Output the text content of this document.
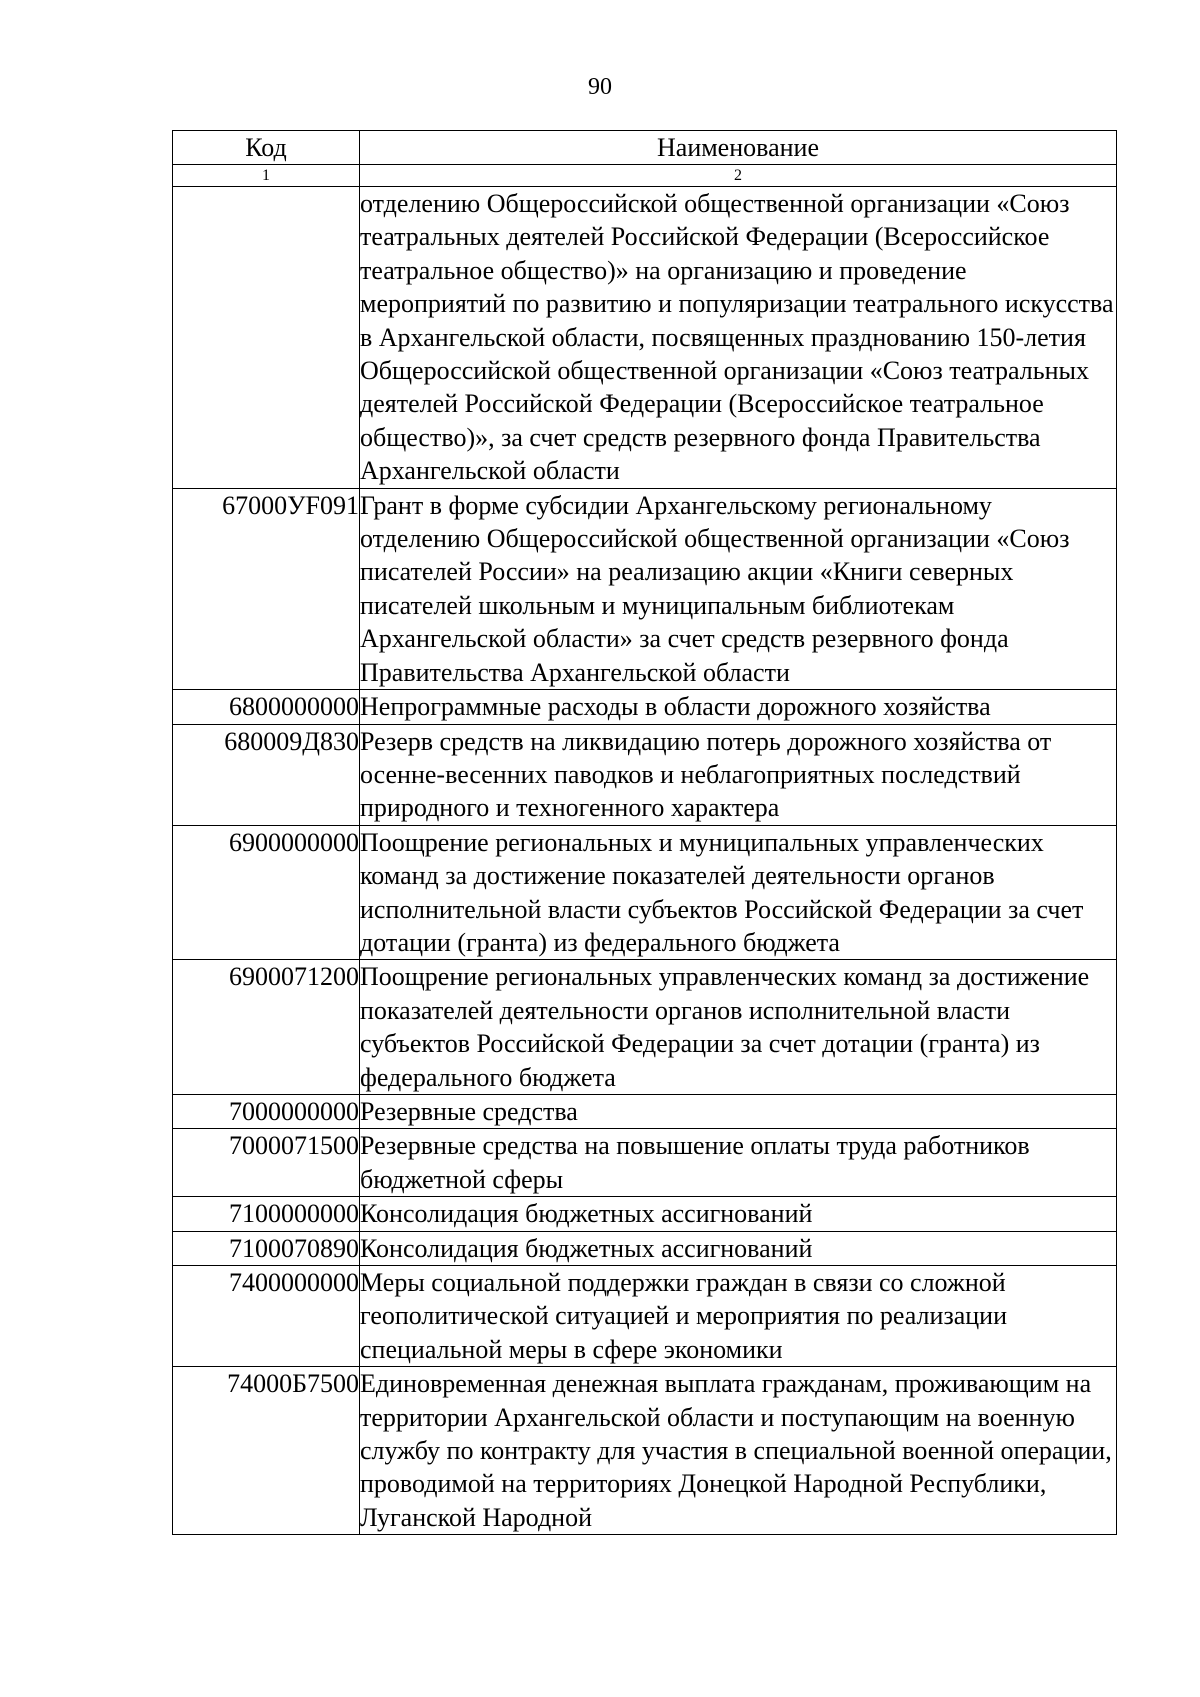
90
Код	Наименование
1	2
	отделению Общероссийской общественной организации «Союз театральных деятелей Российской Федерации (Всероссийское театральное общество)» на организацию и проведение мероприятий по развитию и популяризации театрального искусства в Архангельской области, посвященных празднованию 150-летия Общероссийской общественной организации «Союз театральных деятелей Российской Федерации (Всероссийское театральное общество)», за счет средств резервного фонда Правительства Архангельской области
67000УF091	Грант в форме субсидии Архангельскому региональному отделению Общероссийской общественной организации «Союз писателей России» на реализацию акции «Книги северных писателей школьным и муниципальным библиотекам Архангельской области» за счет средств резервного фонда Правительства Архангельской области
6800000000	Непрограммные расходы в области дорожного хозяйства
680009Д830	Резерв средств на ликвидацию потерь дорожного хозяйства от осенне-весенних паводков и неблагоприятных последствий природного и техногенного характера
6900000000	Поощрение региональных и муниципальных управленческих команд за достижение показателей деятельности органов исполнительной власти субъектов Российской Федерации за счет дотации (гранта) из федерального бюджета
6900071200	Поощрение региональных управленческих команд за достижение показателей деятельности органов исполнительной власти субъектов Российской Федерации за счет дотации (гранта) из федерального бюджета
7000000000	Резервные средства
7000071500	Резервные средства на повышение оплаты труда работников бюджетной сферы
7100000000	Консолидация бюджетных ассигнований
7100070890	Консолидация бюджетных ассигнований
7400000000	Меры социальной поддержки граждан в связи со сложной геополитической ситуацией и мероприятия по реализации специальной меры в сфере экономики
74000Б7500	Единовременная денежная выплата гражданам, проживающим на территории Архангельской области и поступающим на военную службу по контракту для участия в специальной военной операции, проводимой на территориях Донецкой Народной Республики, Луганской Народной
